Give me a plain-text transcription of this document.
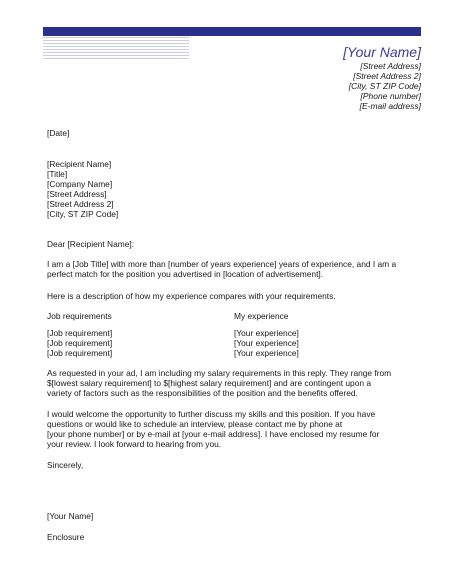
[Your Name]
[Street Address]
[Street Address 2]
[City, ST ZIP Code]
[Phone number]
[E-mail address]
[Date]
[Recipient Name]
[Title]
[Company Name]
[Street Address]
[Street Address 2]
[City, ST ZIP Code]
Dear [Recipient Name]:
I am a [Job Title] with more than [number of years experience] years of experience, and I am a
perfect match for the position you advertised in [location of advertisement].
Here is a description of how my experience compares with your requirements.
Job requirements	My experience
[Job requirement]	[Your experience]
[Job requirement]	[Your experience]
[Job requirement]	[Your experience]
As requested in your ad, I am including my salary requirements in this reply. They range from
$[lowest salary requirement] to $[highest salary requirement] and are contingent upon a
variety of factors such as the responsibilities of the position and the benefits offered.
I would welcome the opportunity to further discuss my skills and this position. If you have
questions or would like to schedule an interview, please contact me by phone at
[your phone number] or by e-mail at [your e-mail address]. I have enclosed my resume for
your review. I look forward to hearing from you.
Sincerely,
[Your Name]
Enclosure
